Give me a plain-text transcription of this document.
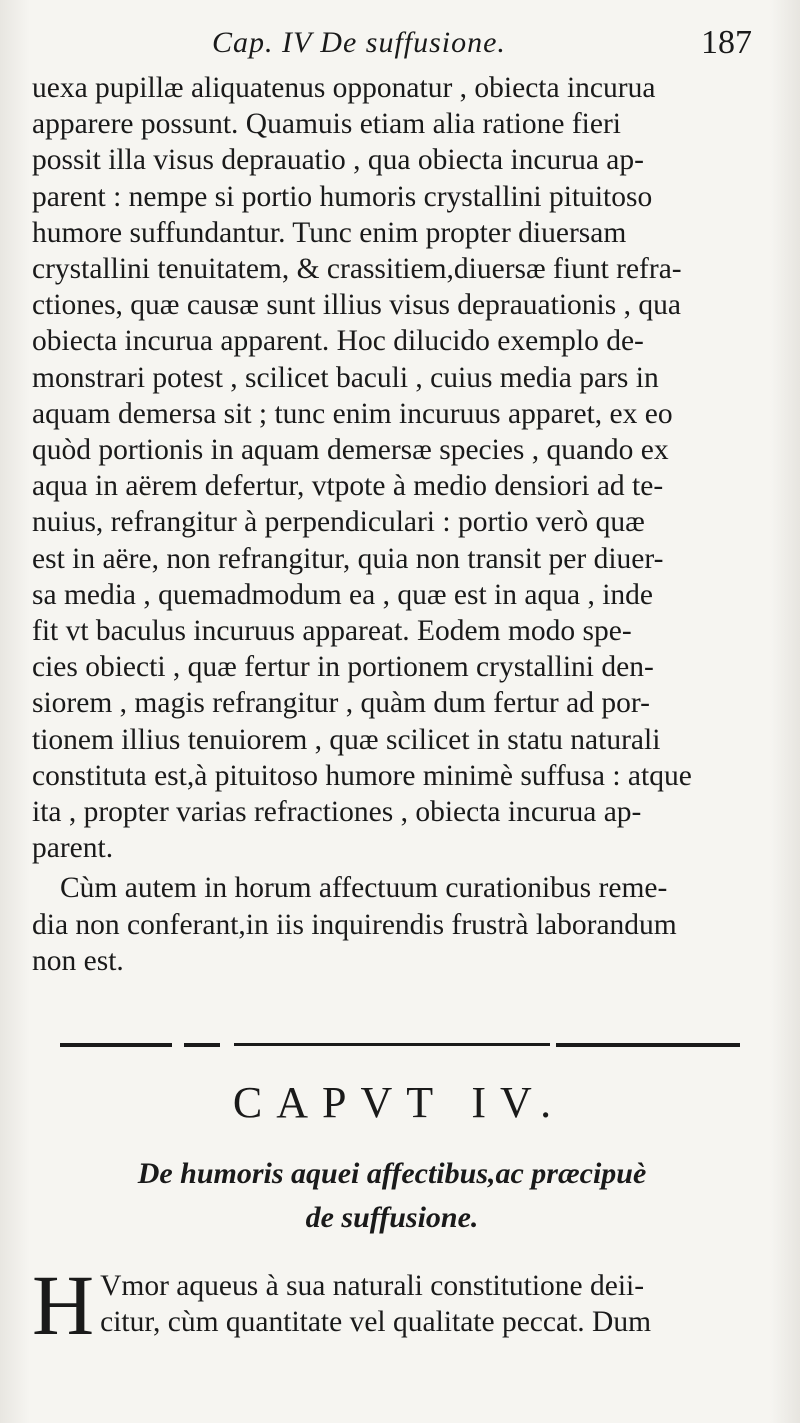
Cap. IV De suffusione.	187

uexa pupillæ aliquatenus opponatur , obiecta incurua
apparere possunt. Quamuis etiam alia ratione fieri
possit illa visus deprauatio , qua obiecta incurua ap-
parent : nempe si portio humoris crystallini pituitoso
humore suffundantur. Tunc enim propter diuersam
crystallini tenuitatem, & crassitiem,diuersæ fiunt refra-
ctiones, quæ causæ sunt illius visus deprauationis , qua
obiecta incurua apparent. Hoc dilucido exemplo de-
monstrari potest , scilicet baculi , cuius media pars in
aquam demersa sit ; tunc enim incuruus apparet, ex eo
quòd portionis in aquam demersæ species , quando ex
aqua in aërem defertur, vtpote à medio densiori ad te-
nuius, refrangitur à perpendiculari : portio verò quæ
est in aëre, non refrangitur, quia non transit per diuer-
sa media , quemadmodum ea , quæ est in aqua , inde
fit vt baculus incuruus appareat. Eodem modo spe-
cies obiecti , quæ fertur in portionem crystallini den-
siorem , magis refrangitur , quàm dum fertur ad por-
tionem illius tenuiorem , quæ scilicet in statu naturali
constituta est,à pituitoso humore minimè suffusa : atque
ita , propter varias refractiones , obiecta incurua ap-
parent.

Cùm autem in horum affectuum curationibus reme-
dia non conferant,in iis inquirendis frustrà laborandum
non est.

CAPVT IV.
De humoris aquei affectibus,ac præcipuè
de suffusione.
H Vmor aqueus à sua naturali constitutione deii-
citur, cùm quantitate vel qualitate peccat. Dum
